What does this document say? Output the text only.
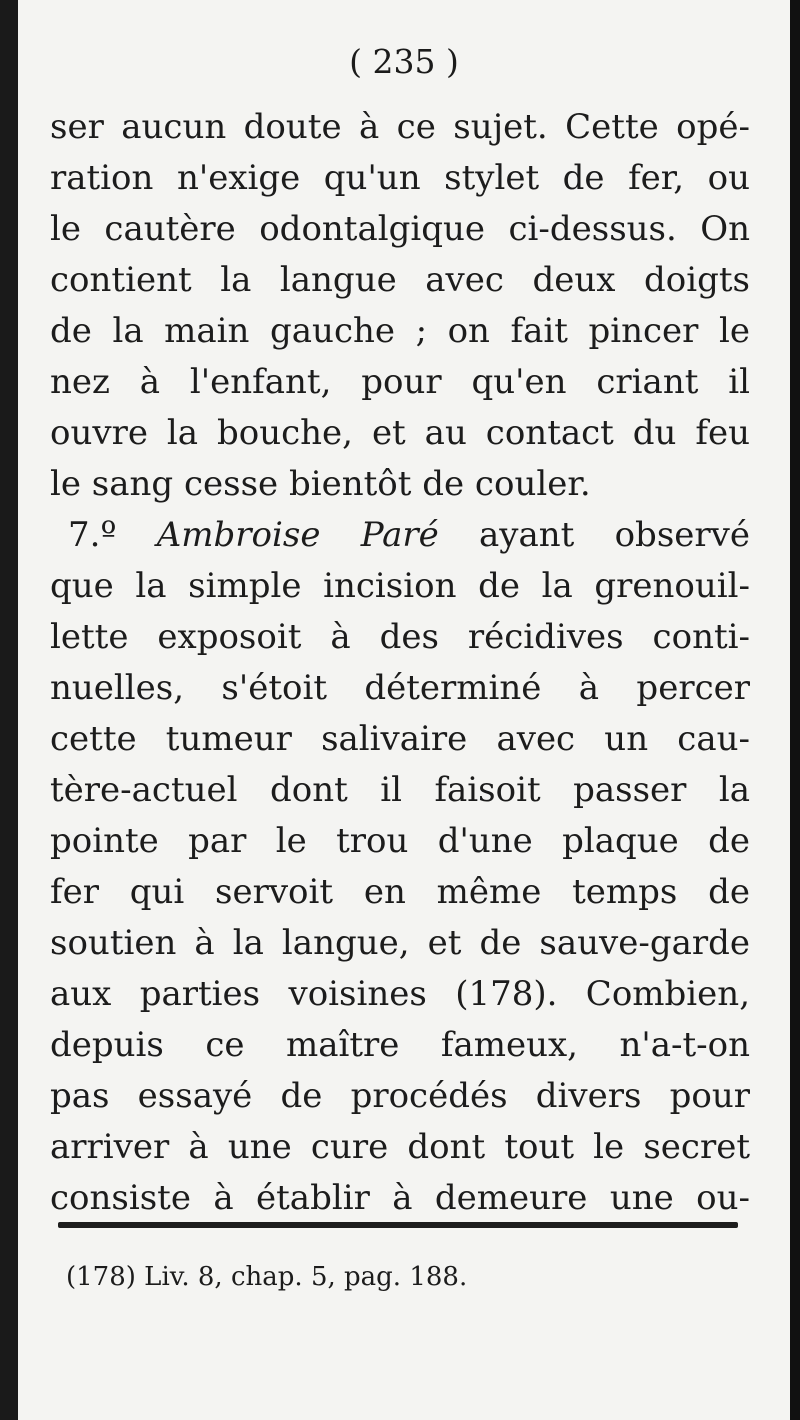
( 235 )
ser aucun doute à ce sujet. Cette opé-
ration n'exige qu'un stylet de fer, ou
le cautère odontalgique ci-dessus. On
contient la langue avec deux doigts
de la main gauche ; on fait pincer le
nez à l'enfant, pour qu'en criant il
ouvre la bouche, et au contact du feu
le sang cesse bientôt de couler.
7.º Ambroise Paré ayant observé
que la simple incision de la grenouil-
lette exposoit à des récidives conti-
nuelles, s'étoit déterminé à percer
cette tumeur salivaire avec un cau-
tère-actuel dont il faisoit passer la
pointe par le trou d'une plaque de
fer qui servoit en même temps de
soutien à la langue, et de sauve-garde
aux parties voisines (178). Combien,
depuis ce maître fameux, n'a-t-on
pas essayé de procédés divers pour
arriver à une cure dont tout le secret
consiste à établir à demeure une ou-
(178) Liv. 8, chap. 5, pag. 188.
